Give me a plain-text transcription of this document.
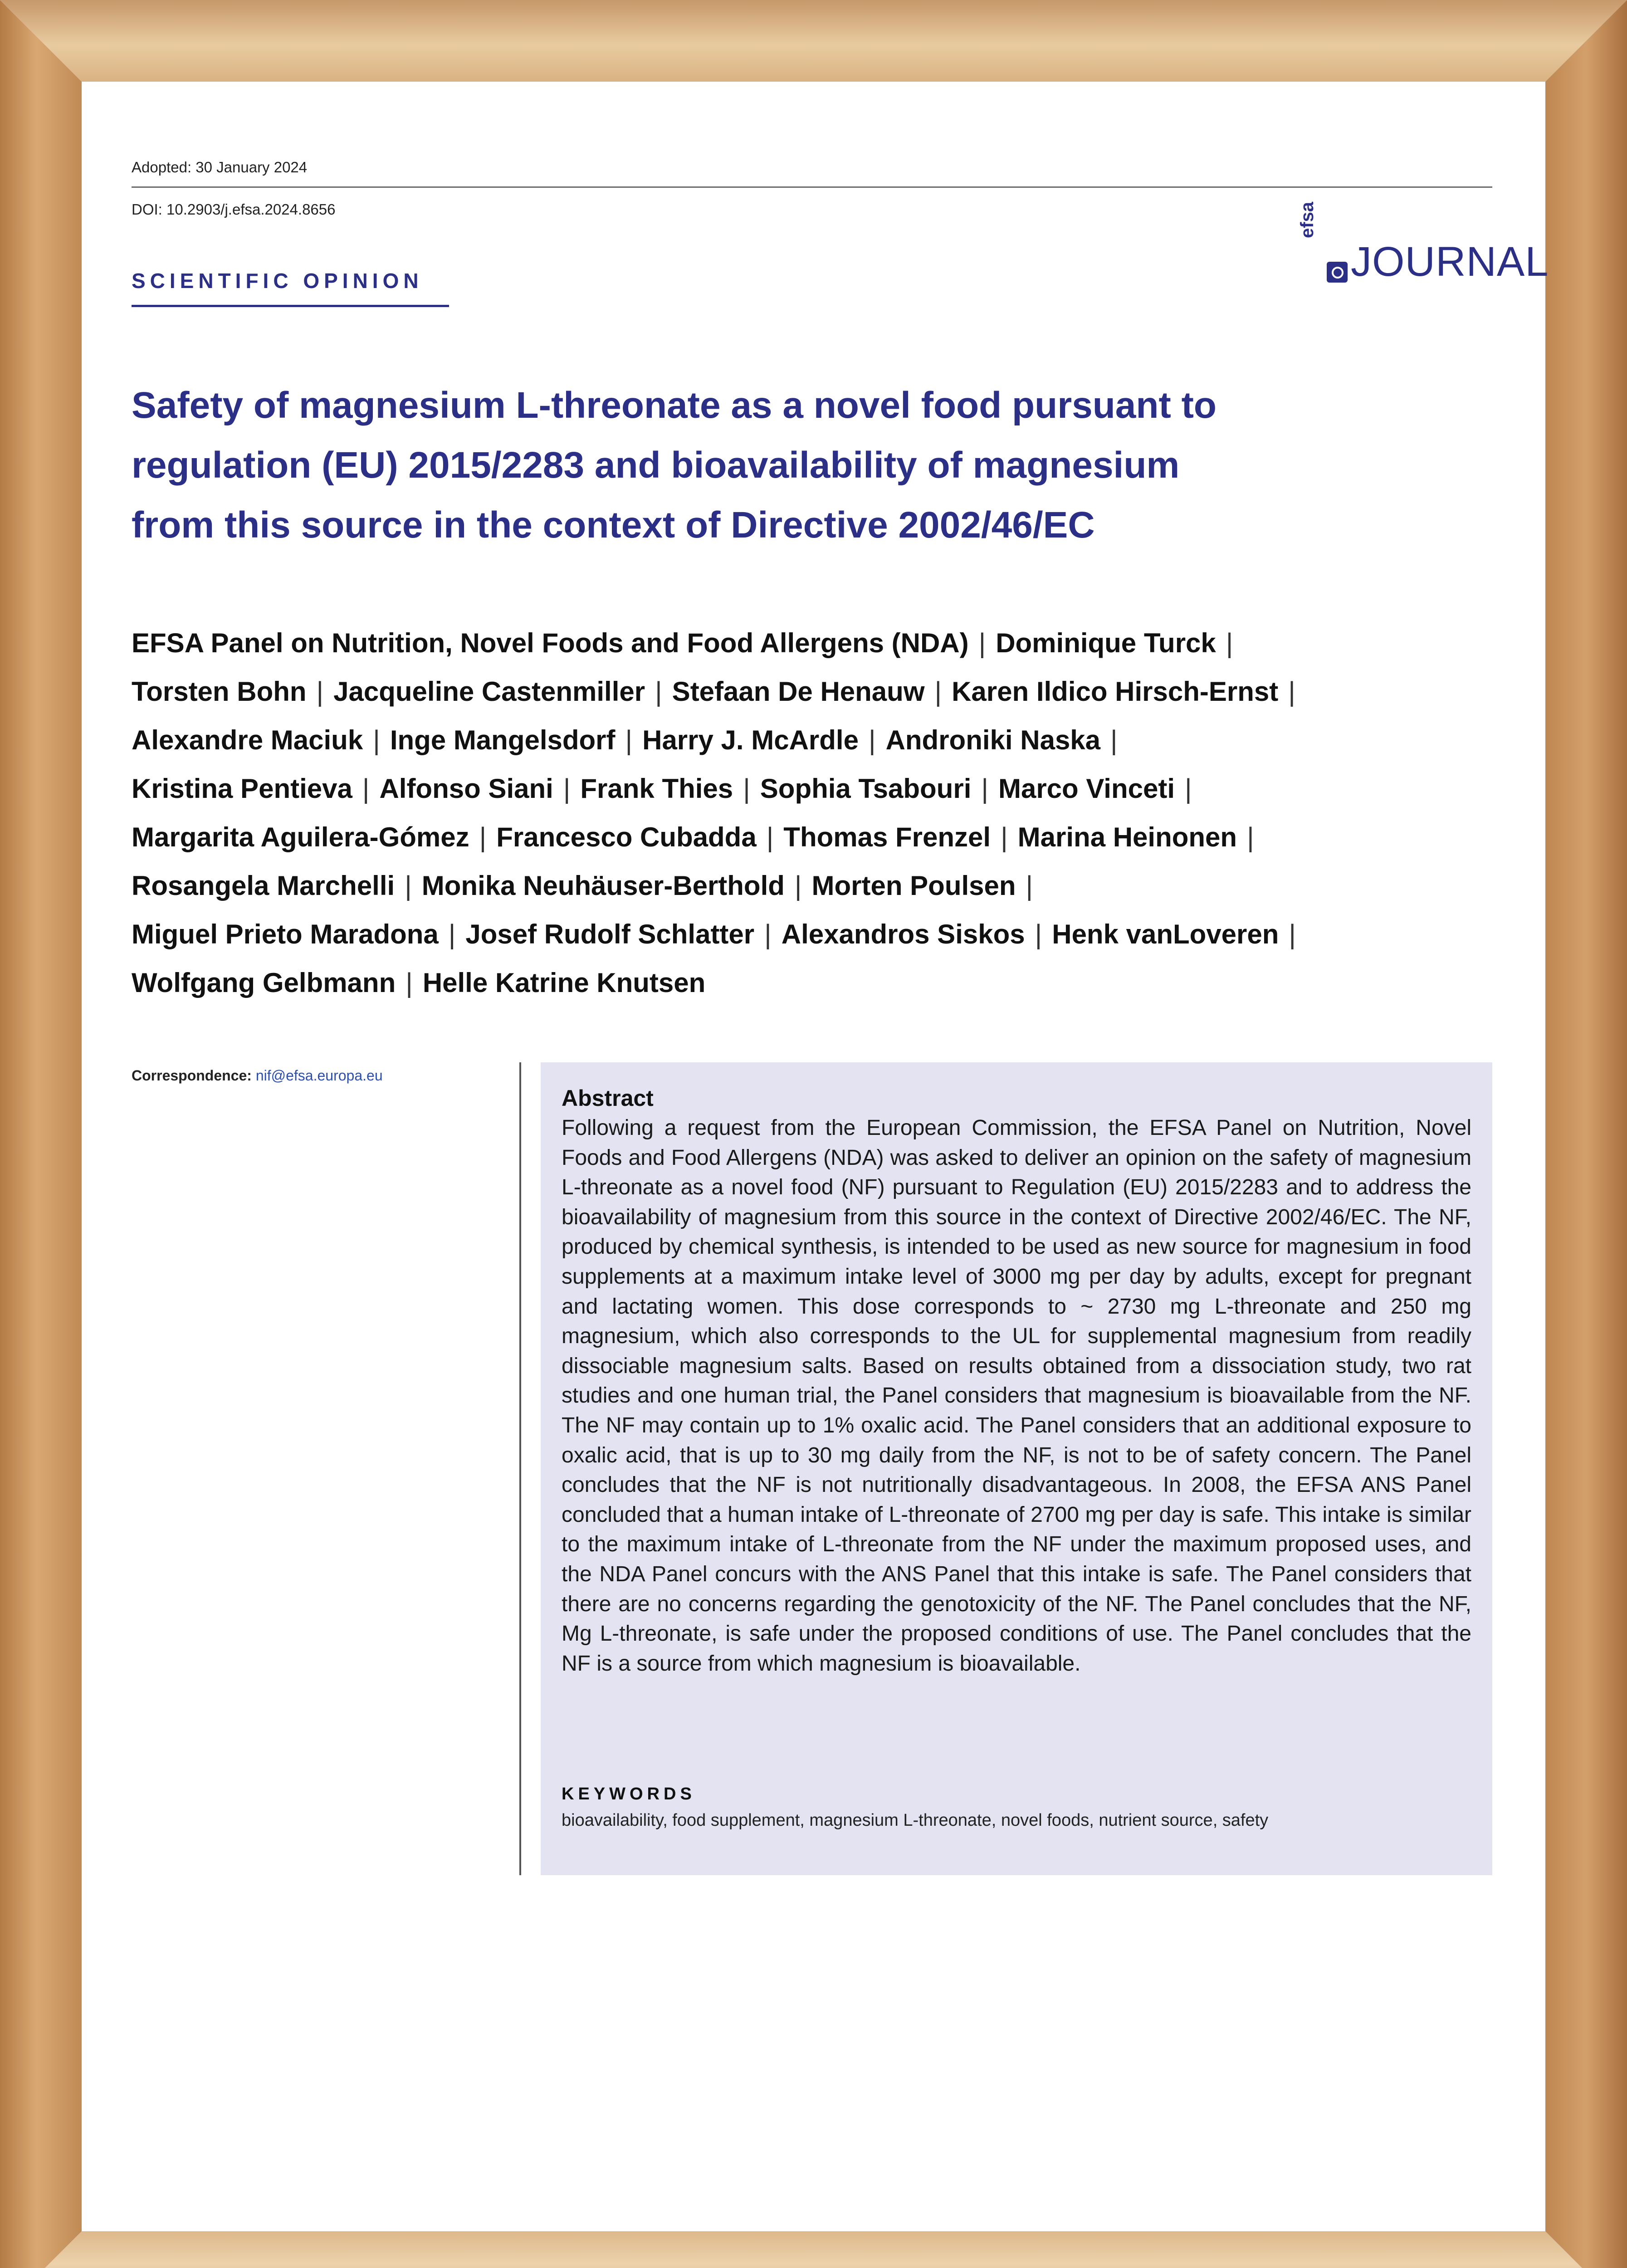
Adopted: 30 January 2024
DOI: 10.2903/j.efsa.2024.8656
SCIENTIFIC OPINION
efsa
JOURNAL
Safety of magnesium L-threonate as a novel food pursuant to
regulation (EU) 2015/2283 and bioavailability of magnesium
from this source in the context of Directive 2002/46/EC
EFSA Panel on Nutrition, Novel Foods and Food Allergens (NDA) | Dominique Turck |
Torsten Bohn | Jacqueline Castenmiller | Stefaan De Henauw | Karen Ildico Hirsch-Ernst |
Alexandre Maciuk | Inge Mangelsdorf | Harry J. McArdle | Androniki Naska |
Kristina Pentieva | Alfonso Siani | Frank Thies | Sophia Tsabouri | Marco Vinceti |
Margarita Aguilera-Gómez | Francesco Cubadda | Thomas Frenzel | Marina Heinonen |
Rosangela Marchelli | Monika Neuhäuser-Berthold | Morten Poulsen |
Miguel Prieto Maradona | Josef Rudolf Schlatter | Alexandros Siskos | Henk vanLoveren |
Wolfgang Gelbmann | Helle Katrine Knutsen
Correspondence: nif@efsa.europa.eu
Abstract

Following a request from the European Commission, the EFSA Panel on Nutrition, Novel Foods and Food Allergens (NDA) was asked to deliver an opinion on the safety of magnesium L-threonate as a novel food (NF) pursuant to Regulation (EU) 2015/2283 and to address the bioavailability of magnesium from this source in the context of Directive 2002/46/EC. The NF, produced by chemical synthesis, is intended to be used as new source for magnesium in food supplements at a maximum intake level of 3000 mg per day by adults, except for pregnant and lactating women. This dose corresponds to ~ 2730 mg L-threonate and 250 mg magnesium, which also corresponds to the UL for supplemental magnesium from readily dissociable magnesium salts. Based on results obtained from a dissociation study, two rat studies and one human trial, the Panel considers that magnesium is bioavailable from the NF. The NF may contain up to 1% oxalic acid. The Panel considers that an additional exposure to oxalic acid, that is up to 30 mg daily from the NF, is not to be of safety concern. The Panel concludes that the NF is not nutritionally disadvantageous. In 2008, the EFSA ANS Panel concluded that a human intake of L-threonate of 2700 mg per day is safe. This intake is similar to the maximum intake of L-threonate from the NF under the maximum proposed uses, and the NDA Panel concurs with the ANS Panel that this intake is safe. The Panel considers that there are no concerns regarding the genotoxicity of the NF. The Panel concludes that the NF, Mg L-threonate, is safe under the proposed conditions of use. The Panel concludes that the NF is a source from which magnesium is bioavailable.

KEYWORDS
bioavailability, food supplement, magnesium L-threonate, novel foods, nutrient source, safety
